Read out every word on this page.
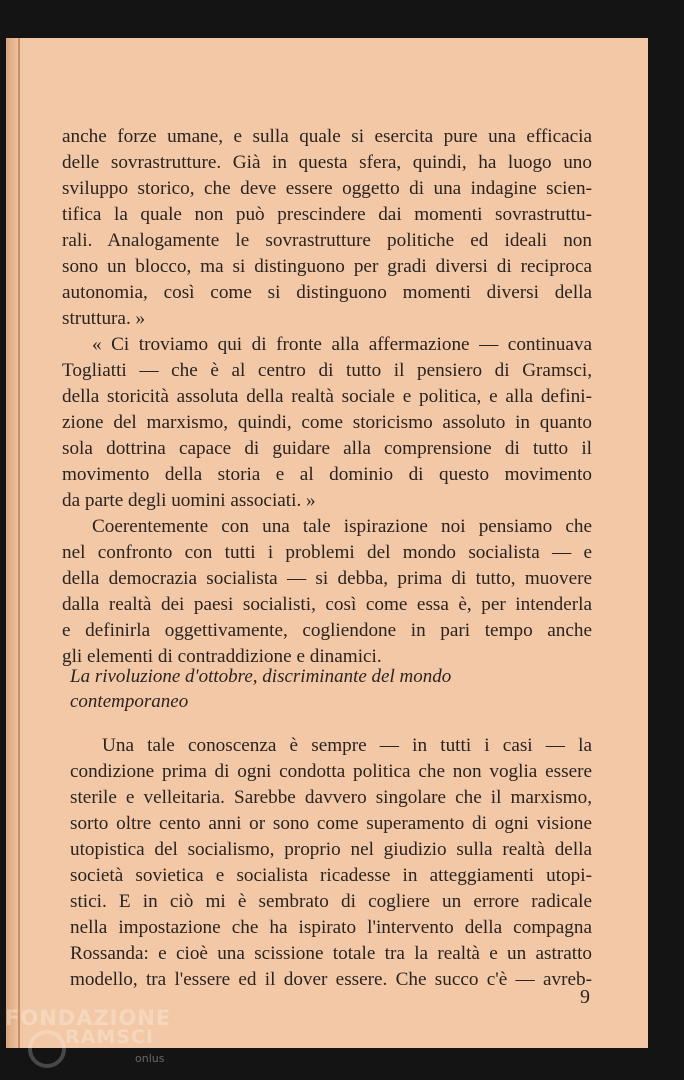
anche forze umane, e sulla quale si esercita pure una efficacia
delle sovrastrutture. Già in questa sfera, quindi, ha luogo uno
sviluppo storico, che deve essere oggetto di una indagine scien-
tifica la quale non può prescindere dai momenti sovrastruttu-
rali. Analogamente le sovrastrutture politiche ed ideali non
sono un blocco, ma si distinguono per gradi diversi di reciproca
autonomia, così come si distinguono momenti diversi della
struttura. »
« Ci troviamo qui di fronte alla affermazione — continuava
Togliatti — che è al centro di tutto il pensiero di Gramsci,
della storicità assoluta della realtà sociale e politica, e alla defini-
zione del marxismo, quindi, come storicismo assoluto in quanto
sola dottrina capace di guidare alla comprensione di tutto il
movimento della storia e al dominio di questo movimento
da parte degli uomini associati. »
Coerentemente con una tale ispirazione noi pensiamo che
nel confronto con tutti i problemi del mondo socialista — e
della democrazia socialista — si debba, prima di tutto, muovere
dalla realtà dei paesi socialisti, così come essa è, per intenderla
e definirla oggettivamente, cogliendone in pari tempo anche
gli elementi di contraddizione e dinamici.
La rivoluzione d'ottobre, discriminante del mondo
contemporaneo
Una tale conoscenza è sempre — in tutti i casi — la
condizione prima di ogni condotta politica che non voglia essere
sterile e velleitaria. Sarebbe davvero singolare che il marxismo,
sorto oltre cento anni or sono come superamento di ogni visione
utopistica del socialismo, proprio nel giudizio sulla realtà della
società sovietica e socialista ricadesse in atteggiamenti utopi-
stici. E in ciò mi è sembrato di cogliere un errore radicale
nella impostazione che ha ispirato l'intervento della compagna
Rossanda: e cioè una scissione totale tra la realtà e un astratto
modello, tra l'essere ed il dover essere. Che succo c'è — avreb-
9
FONDAZIONE
RAMSCI
onlus
